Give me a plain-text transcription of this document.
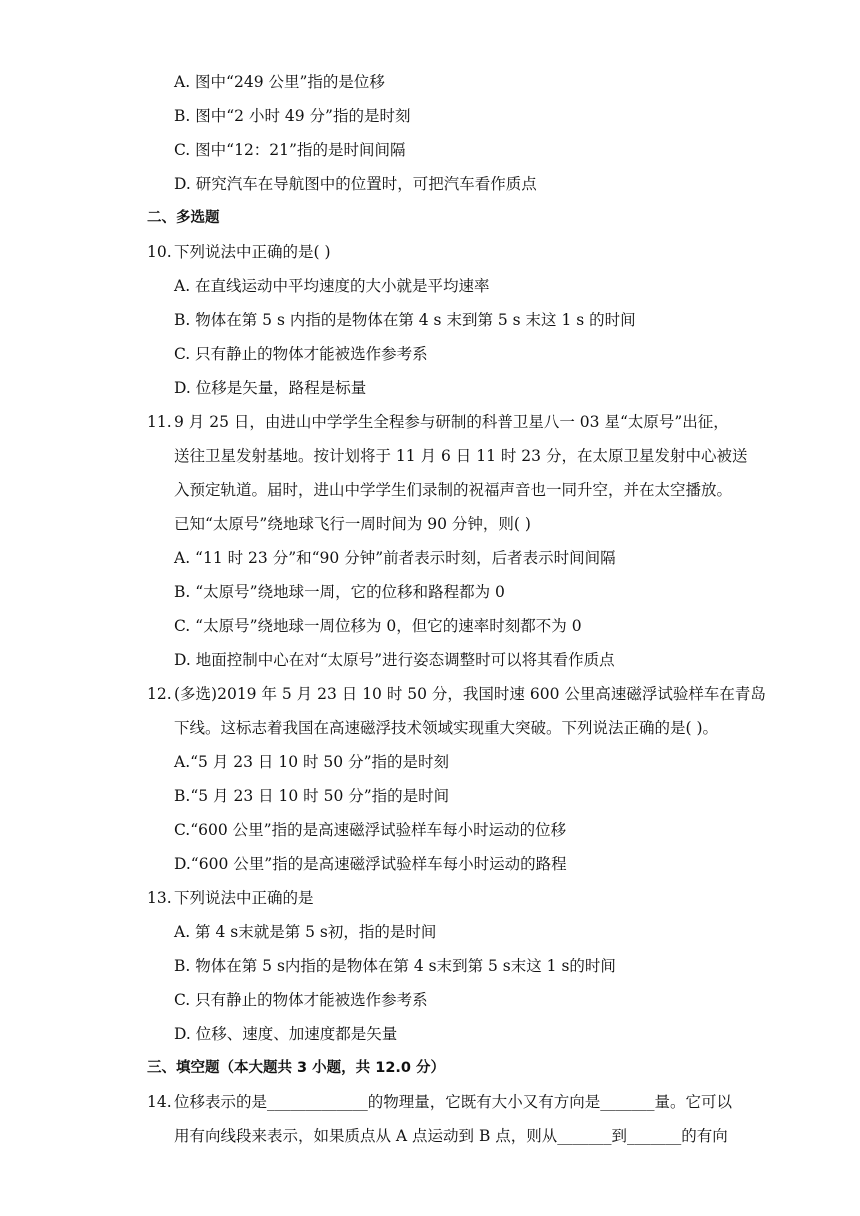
A. 图中“249 公里”指的是位移
B. 图中“2 小时 49 分”指的是时刻
C. 图中“12：21”指的是时间间隔
D. 研究汽车在导航图中的位置时，可把汽车看作质点
二、多选题
10. 下列说法中正确的是( )
A. 在直线运动中平均速度的大小就是平均速率
B. 物体在第 5 s 内指的是物体在第 4 s 末到第 5 s 末这 1 s 的时间
C. 只有静止的物体才能被选作参考系
D. 位移是矢量，路程是标量
11. 9 月 25 日，由进山中学学生全程参与研制的科普卫星八一 03 星“太原号”出征，
送往卫星发射基地。按计划将于 11 月 6 日 11 时 23 分，在太原卫星发射中心被送
入预定轨道。届时，进山中学学生们录制的祝福声音也一同升空，并在太空播放。
已知“太原号”绕地球飞行一周时间为 90 分钟，则( )
A. “11 时 23 分”和“90 分钟”前者表示时刻，后者表示时间间隔
B. “太原号”绕地球一周，它的位移和路程都为 0
C. “太原号”绕地球一周位移为 0，但它的速率时刻都不为 0
D. 地面控制中心在对“太原号”进行姿态调整时可以将其看作质点
12. (多选)2019 年 5 月 23 日 10 时 50 分，我国时速 600 公里高速磁浮试验样车在青岛
下线。这标志着我国在高速磁浮技术领域实现重大突破。下列说法正确的是( )。
A.“5 月 23 日 10 时 50 分”指的是时刻
B.“5 月 23 日 10 时 50 分”指的是时间
C.“600 公里”指的是高速磁浮试验样车每小时运动的位移
D.“600 公里”指的是高速磁浮试验样车每小时运动的路程
13. 下列说法中正确的是
A. 第 4 s末就是第 5 s初，指的是时间
B. 物体在第 5 s内指的是物体在第 4 s末到第 5 s末这 1 s的时间
C. 只有静止的物体才能被选作参考系
D. 位移、速度、加速度都是矢量
三、填空题（本大题共 3 小题，共 12.0 分）
14. 位移表示的是_____________的物理量，它既有大小又有方向是_______量。它可以
用有向线段来表示，如果质点从 A 点运动到 B 点，则从_______到_______的有向
